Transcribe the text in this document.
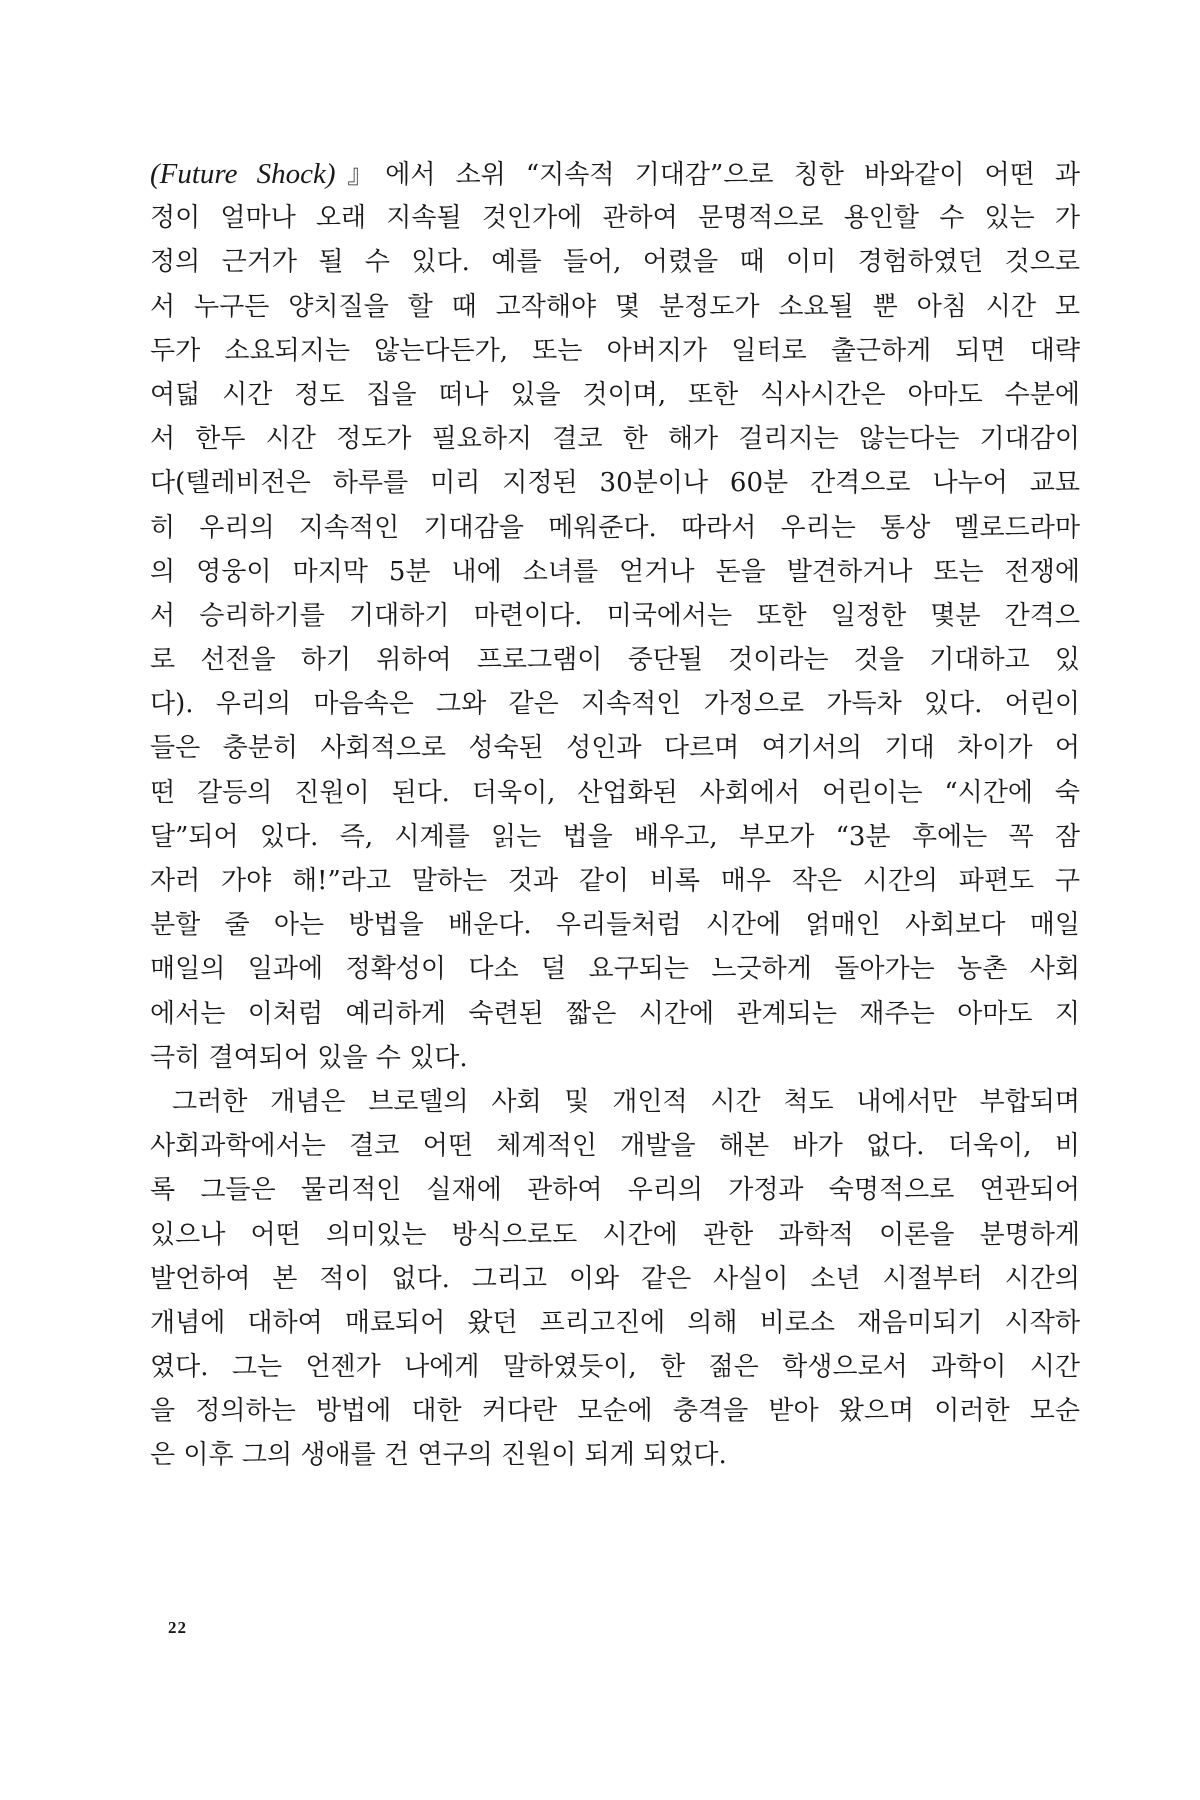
(Future Shock)』에서 소위 “지속적 기대감”으로 칭한 바와같이 어떤 과
정이 얼마나 오래 지속될 것인가에 관하여 문명적으로 용인할 수 있는 가
정의 근거가 될 수 있다. 예를 들어, 어렸을 때 이미 경험하였던 것으로
서 누구든 양치질을 할 때 고작해야 몇 분정도가 소요될 뿐 아침 시간 모
두가 소요되지는 않는다든가, 또는 아버지가 일터로 출근하게 되면 대략
여덟 시간 정도 집을 떠나 있을 것이며, 또한 식사시간은 아마도 수분에
서 한두 시간 정도가 필요하지 결코 한 해가 걸리지는 않는다는 기대감이
다(텔레비전은 하루를 미리 지정된 30분이나 60분 간격으로 나누어 교묘
히 우리의 지속적인 기대감을 메워준다. 따라서 우리는 통상 멜로드라마
의 영웅이 마지막 5분 내에 소녀를 얻거나 돈을 발견하거나 또는 전쟁에
서 승리하기를 기대하기 마련이다. 미국에서는 또한 일정한 몇분 간격으
로 선전을 하기 위하여 프로그램이 중단될 것이라는 것을 기대하고 있
다). 우리의 마음속은 그와 같은 지속적인 가정으로 가득차 있다. 어린이
들은 충분히 사회적으로 성숙된 성인과 다르며 여기서의 기대 차이가 어
떤 갈등의 진원이 된다. 더욱이, 산업화된 사회에서 어린이는 “시간에 숙
달”되어 있다. 즉, 시계를 읽는 법을 배우고, 부모가 “3분 후에는 꼭 잠
자러 가야 해!”라고 말하는 것과 같이 비록 매우 작은 시간의 파편도 구
분할 줄 아는 방법을 배운다. 우리들처럼 시간에 얽매인 사회보다 매일
매일의 일과에 정확성이 다소 덜 요구되는 느긋하게 돌아가는 농촌 사회
에서는 이처럼 예리하게 숙련된 짧은 시간에 관계되는 재주는 아마도 지
극히 결여되어 있을 수 있다.
그러한 개념은 브로델의 사회 및 개인적 시간 척도 내에서만 부합되며
사회과학에서는 결코 어떤 체계적인 개발을 해본 바가 없다. 더욱이, 비
록 그들은 물리적인 실재에 관하여 우리의 가정과 숙명적으로 연관되어
있으나 어떤 의미있는 방식으로도 시간에 관한 과학적 이론을 분명하게
발언하여 본 적이 없다. 그리고 이와 같은 사실이 소년 시절부터 시간의
개념에 대하여 매료되어 왔던 프리고진에 의해 비로소 재음미되기 시작하
였다. 그는 언젠가 나에게 말하였듯이, 한 젊은 학생으로서 과학이 시간
을 정의하는 방법에 대한 커다란 모순에 충격을 받아 왔으며 이러한 모순
은 이후 그의 생애를 건 연구의 진원이 되게 되었다.
22
